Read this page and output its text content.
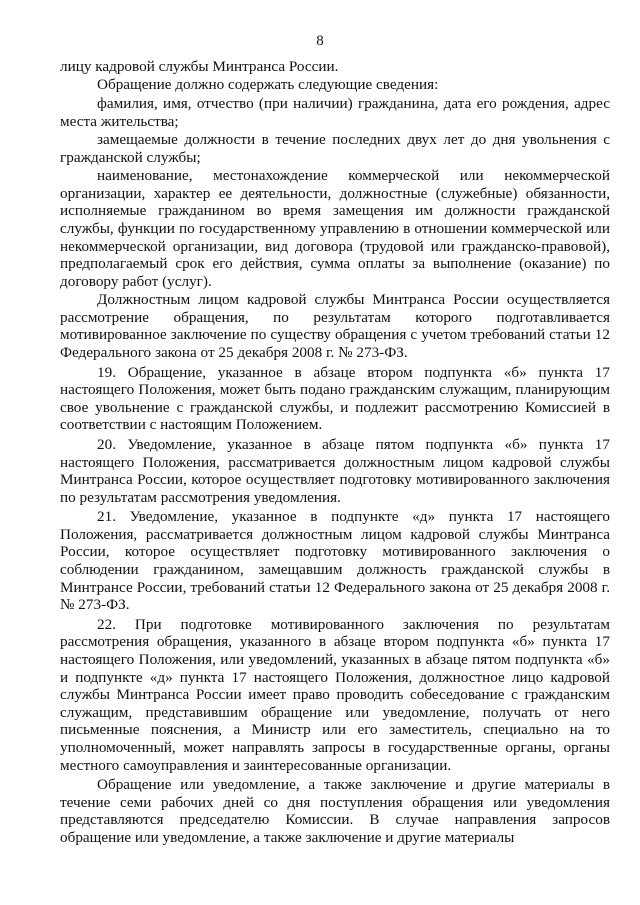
8

лицу кадровой службы Минтранса России.

Обращение должно содержать следующие сведения:

фамилия, имя, отчество (при наличии) гражданина, дата его рождения, адрес места жительства;

замещаемые должности в течение последних двух лет до дня увольнения с гражданской службы;

наименование, местонахождение коммерческой или некоммерческой организации, характер ее деятельности, должностные (служебные) обязанности, исполняемые гражданином во время замещения им должности гражданской службы, функции по государственному управлению в отношении коммерческой или некоммерческой организации, вид договора (трудовой или гражданско-правовой), предполагаемый срок его действия, сумма оплаты за выполнение (оказание) по договору работ (услуг).

Должностным лицом кадровой службы Минтранса России осуществляется рассмотрение обращения, по результатам которого подготавливается мотивированное заключение по существу обращения с учетом требований статьи 12 Федерального закона от 25 декабря 2008 г. № 273-ФЗ.

19. Обращение, указанное в абзаце втором подпункта «б» пункта 17 настоящего Положения, может быть подано гражданским служащим, планирующим свое увольнение с гражданской службы, и подлежит рассмотрению Комиссией в соответствии с настоящим Положением.

20. Уведомление, указанное в абзаце пятом подпункта «б» пункта 17 настоящего Положения, рассматривается должностным лицом кадровой службы Минтранса России, которое осуществляет подготовку мотивированного заключения по результатам рассмотрения уведомления.

21. Уведомление, указанное в подпункте «д» пункта 17 настоящего Положения, рассматривается должностным лицом кадровой службы Минтранса России, которое осуществляет подготовку мотивированного заключения о соблюдении гражданином, замещавшим должность гражданской службы в Минтрансе России, требований статьи 12 Федерального закона от 25 декабря 2008 г. № 273-ФЗ.

22. При подготовке мотивированного заключения по результатам рассмотрения обращения, указанного в абзаце втором подпункта «б» пункта 17 настоящего Положения, или уведомлений, указанных в абзаце пятом подпункта «б» и подпункте «д» пункта 17 настоящего Положения, должностное лицо кадровой службы Минтранса России имеет право проводить собеседование с гражданским служащим, представившим обращение или уведомление, получать от него письменные пояснения, а Министр или его заместитель, специально на то уполномоченный, может направлять запросы в государственные органы, органы местного самоуправления и заинтересованные организации.

Обращение или уведомление, а также заключение и другие материалы в течение семи рабочих дней со дня поступления обращения или уведомления представляются председателю Комиссии. В случае направления запросов обращение или уведомление, а также заключение и другие материалы
